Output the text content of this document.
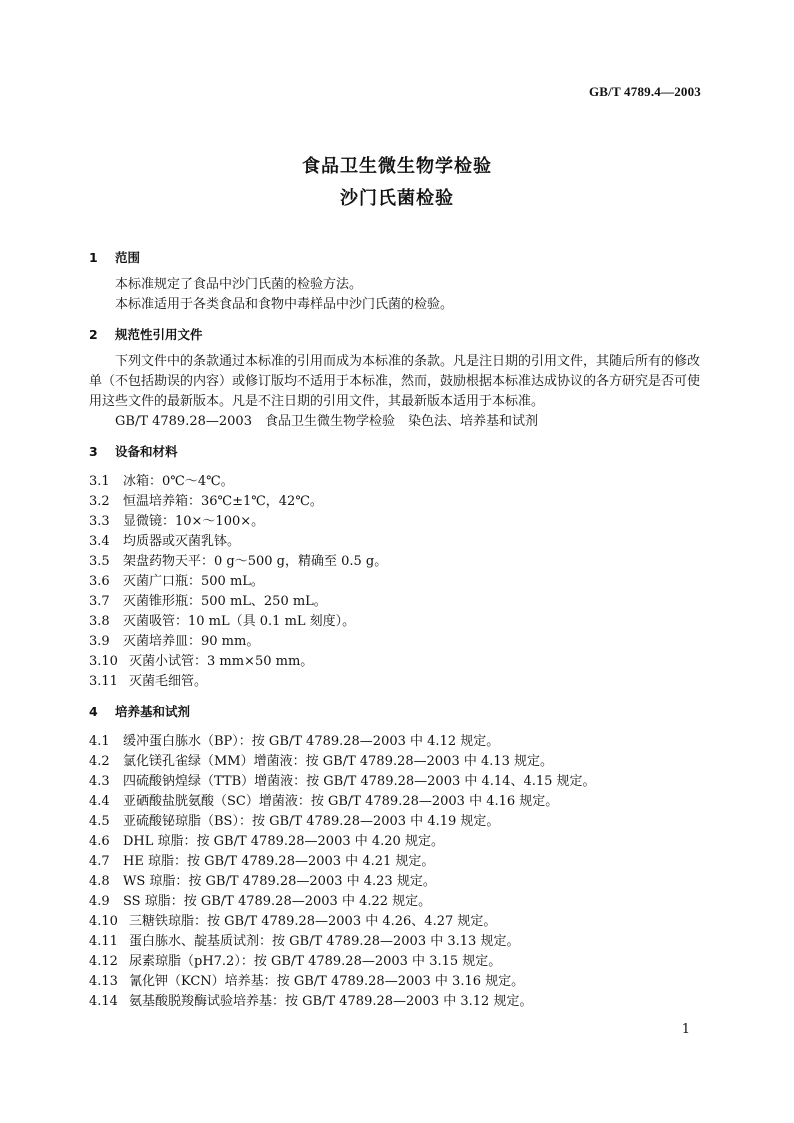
GB/T 4789.4—2003
食品卫生微生物学检验
沙门氏菌检验
1	范围
本标准规定了食品中沙门氏菌的检验方法。
本标准适用于各类食品和食物中毒样品中沙门氏菌的检验。
2	规范性引用文件
下列文件中的条款通过本标准的引用而成为本标准的条款。凡是注日期的引用文件，其随后所有的修改单（不包括勘误的内容）或修订版均不适用于本标准，然而，鼓励根据本标准达成协议的各方研究是否可使用这些文件的最新版本。凡是不注日期的引用文件，其最新版本适用于本标准。
GB/T 4789.28—2003　食品卫生微生物学检验　染色法、培养基和试剂
3	设备和材料
3.1	冰箱：0℃～4℃。
3.2	恒温培养箱：36℃±1℃，42℃。
3.3	显微镜：10×～100×。
3.4	均质器或灭菌乳钵。
3.5	架盘药物天平：0 g～500 g，精确至 0.5 g。
3.6	灭菌广口瓶：500 mL。
3.7	灭菌锥形瓶：500 mL、250 mL。
3.8	灭菌吸管：10 mL（具 0.1 mL 刻度）。
3.9	灭菌培养皿：90 mm。
3.10 灭菌小试管：3 mm×50 mm。
3.11 灭菌毛细管。
4	培养基和试剂
4.1	缓冲蛋白胨水（BP）：按 GB/T 4789.28—2003 中 4.12 规定。
4.2	氯化镁孔雀绿（MM）增菌液：按 GB/T 4789.28—2003 中 4.13 规定。
4.3	四硫酸钠煌绿（TTB）增菌液：按 GB/T 4789.28—2003 中 4.14、4.15 规定。
4.4	亚硒酸盐胱氨酸（SC）增菌液：按 GB/T 4789.28—2003 中 4.16 规定。
4.5	亚硫酸铋琼脂（BS）：按 GB/T 4789.28—2003 中 4.19 规定。
4.6	DHL 琼脂：按 GB/T 4789.28—2003 中 4.20 规定。
4.7	HE 琼脂：按 GB/T 4789.28—2003 中 4.21 规定。
4.8	WS 琼脂：按 GB/T 4789.28—2003 中 4.23 规定。
4.9	SS 琼脂：按 GB/T 4789.28—2003 中 4.22 规定。
4.10 三糖铁琼脂：按 GB/T 4789.28—2003 中 4.26、4.27 规定。
4.11 蛋白胨水、靛基质试剂：按 GB/T 4789.28—2003 中 3.13 规定。
4.12 尿素琼脂（pH7.2）：按 GB/T 4789.28—2003 中 3.15 规定。
4.13 氰化钾（KCN）培养基：按 GB/T 4789.28—2003 中 3.16 规定。
4.14 氨基酸脱羧酶试验培养基：按 GB/T 4789.28—2003 中 3.12 规定。
1
